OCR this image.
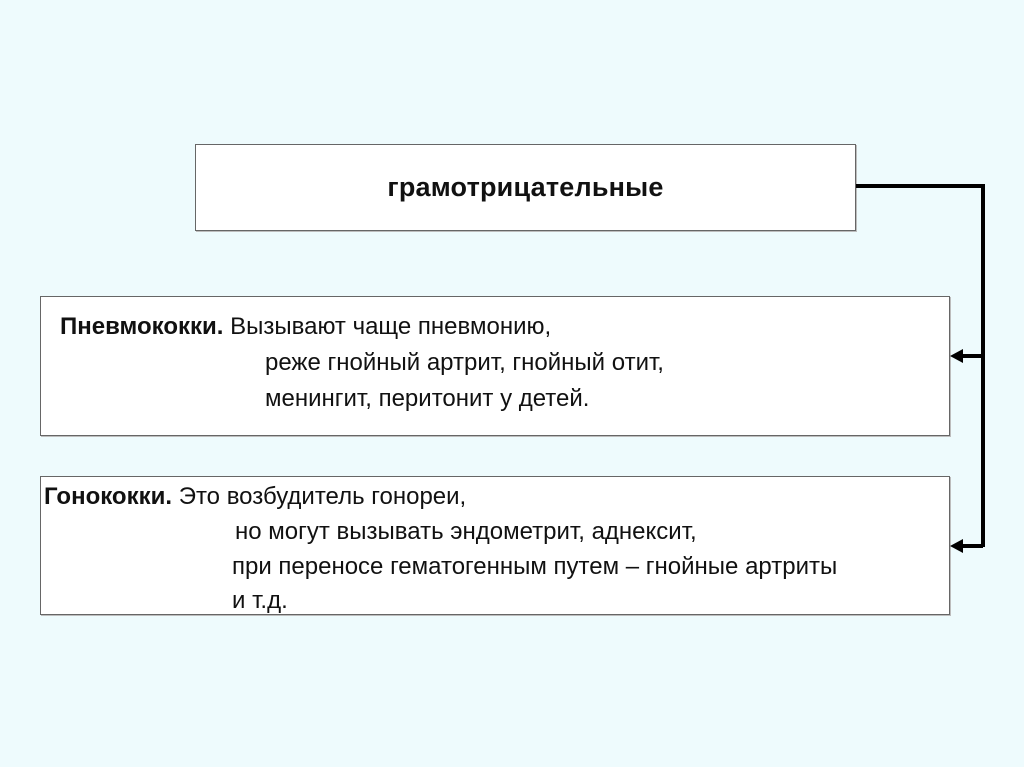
грамотрицательные
Пневмококки. Вызывают чаще пневмонию,
реже гнойный артрит, гнойный отит,
менингит, перитонит у детей.
Гонококки. Это возбудитель гонореи,
но могут вызывать эндометрит, аднексит,
при переносе гематогенным путем – гнойные артриты
и т.д.
